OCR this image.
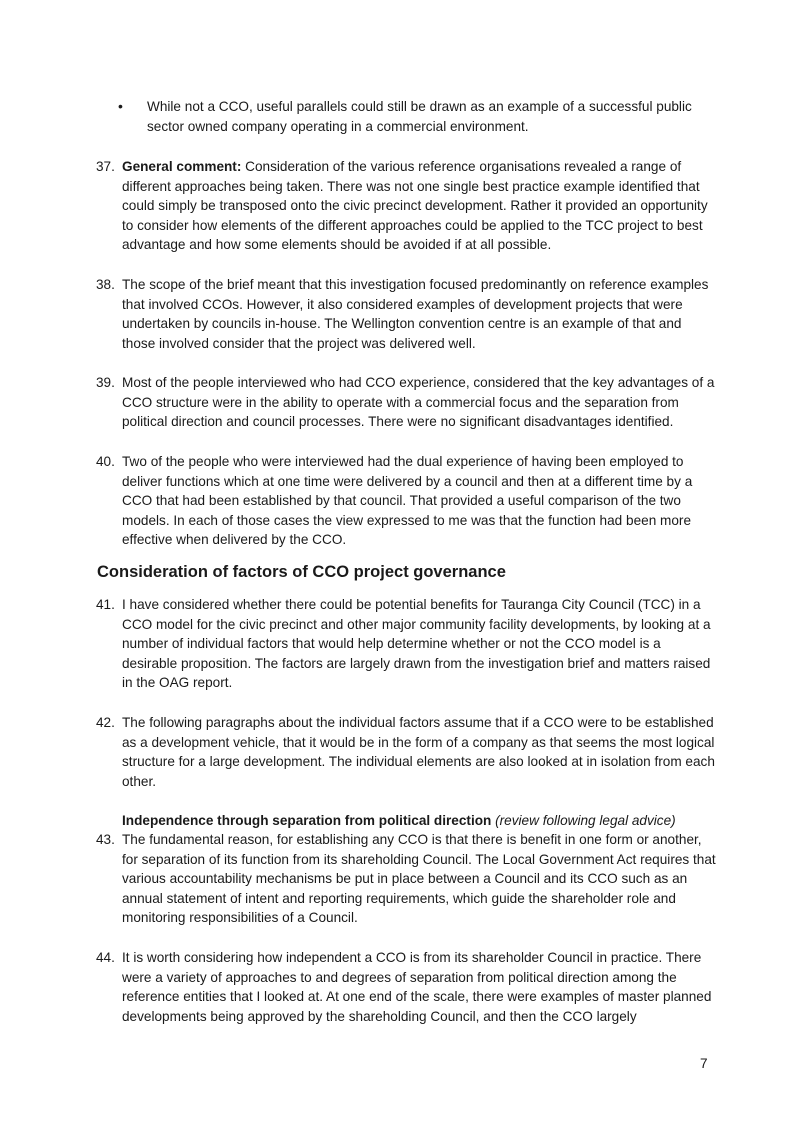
• While not a CCO, useful parallels could still be drawn as an example of a successful public sector owned company operating in a commercial environment.
37. General comment: Consideration of the various reference organisations revealed a range of different approaches being taken. There was not one single best practice example identified that could simply be transposed onto the civic precinct development. Rather it provided an opportunity to consider how elements of the different approaches could be applied to the TCC project to best advantage and how some elements should be avoided if at all possible.
38. The scope of the brief meant that this investigation focused predominantly on reference examples that involved CCOs. However, it also considered examples of development projects that were undertaken by councils in-house. The Wellington convention centre is an example of that and those involved consider that the project was delivered well.
39. Most of the people interviewed who had CCO experience, considered that the key advantages of a CCO structure were in the ability to operate with a commercial focus and the separation from political direction and council processes. There were no significant disadvantages identified.
40. Two of the people who were interviewed had the dual experience of having been employed to deliver functions which at one time were delivered by a council and then at a different time by a CCO that had been established by that council. That provided a useful comparison of the two models. In each of those cases the view expressed to me was that the function had been more effective when delivered by the CCO.
Consideration of factors of CCO project governance
41. I have considered whether there could be potential benefits for Tauranga City Council (TCC) in a CCO model for the civic precinct and other major community facility developments, by looking at a number of individual factors that would help determine whether or not the CCO model is a desirable proposition. The factors are largely drawn from the investigation brief and matters raised in the OAG report.
42. The following paragraphs about the individual factors assume that if a CCO were to be established as a development vehicle, that it would be in the form of a company as that seems the most logical structure for a large development. The individual elements are also looked at in isolation from each other.
Independence through separation from political direction (review following legal advice)
43. The fundamental reason, for establishing any CCO is that there is benefit in one form or another, for separation of its function from its shareholding Council. The Local Government Act requires that various accountability mechanisms be put in place between a Council and its CCO such as an annual statement of intent and reporting requirements, which guide the shareholder role and monitoring responsibilities of a Council.
44. It is worth considering how independent a CCO is from its shareholder Council in practice. There were a variety of approaches to and degrees of separation from political direction among the reference entities that I looked at. At one end of the scale, there were examples of master planned developments being approved by the shareholding Council, and then the CCO largely
7
